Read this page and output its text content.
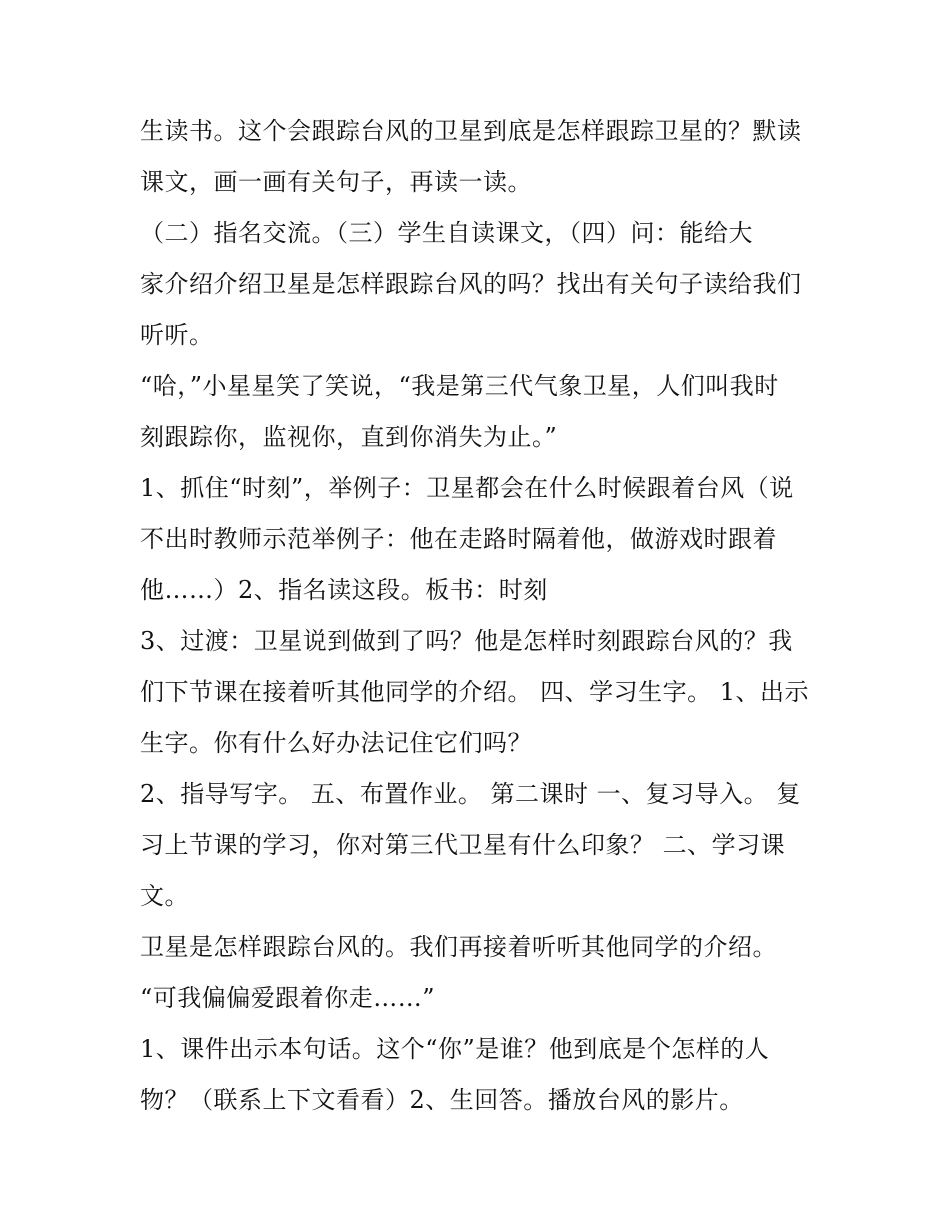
生读书。这个会跟踪台风的卫星到底是怎样跟踪卫星的？默读
课文，画一画有关句子，再读一读。
（二）指名交流。（三）学生自读课文，（四）问：能给大
家介绍介绍卫星是怎样跟踪台风的吗？找出有关句子读给我们
听听。
“哈，”小星星笑了笑说，“我是第三代气象卫星，人们叫我时
刻跟踪你，监视你，直到你消失为止。”
1、抓住“时刻”，举例子：卫星都会在什么时候跟着台风（说
不出时教师示范举例子：他在走路时隔着他，做游戏时跟着
他……）2、指名读这段。板书：时刻
3、过渡：卫星说到做到了吗？他是怎样时刻跟踪台风的？我
们下节课在接着听其他同学的介绍。 四、学习生字。 1、出示
生字。你有什么好办法记住它们吗？
2、指导写字。 五、布置作业。 第二课时 一、复习导入。 复
习上节课的学习，你对第三代卫星有什么印象？ 二、学习课
文。
卫星是怎样跟踪台风的。我们再接着听听其他同学的介绍。
“可我偏偏爱跟着你走……”
1、课件出示本句话。这个“你”是谁？他到底是个怎样的人
物？（联系上下文看看）2、生回答。播放台风的影片。
